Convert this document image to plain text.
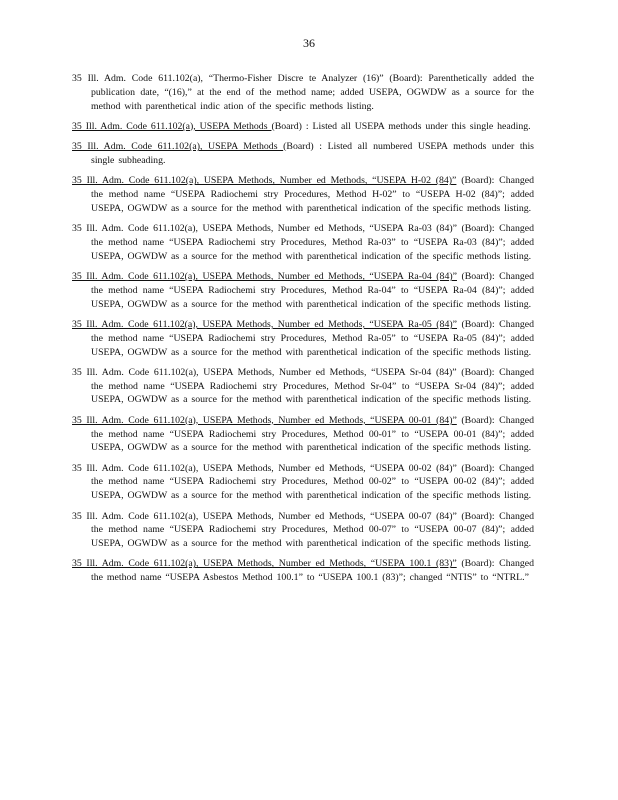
36

35 Ill. Adm. Code 611.102(a), “Thermo-Fisher Discre te Analyzer (16)” (Board): Parenthetically added the publication date, “(16),” at the end of the method name; added USEPA, OGWDW as a source for the method with parenthetical indic ation of the specific methods listing.

35 Ill. Adm. Code 611.102(a), USEPA Methods (Board) : Listed all USEPA methods under this single heading.

35 Ill. Adm. Code 611.102(a), USEPA Methods (Board) : Listed all numbered USEPA methods under this single subheading.

35 Ill. Adm. Code 611.102(a), USEPA Methods, Number ed Methods, “USEPA H-02 (84)” (Board): Changed the method name “USEPA Radiochemi stry Procedures, Method H-02” to “USEPA H-02 (84)”; added USEPA, OGWDW as a source for the method with parenthetical indication of the specific methods listing.

35 Ill. Adm. Code 611.102(a), USEPA Methods, Number ed Methods, “USEPA Ra-03 (84)” (Board): Changed the method name “USEPA Radiochemi stry Procedures, Method Ra-03” to “USEPA Ra-03 (84)”; added USEPA, OGWDW as a source for the method with parenthetical indication of the specific methods listing.

35 Ill. Adm. Code 611.102(a), USEPA Methods, Number ed Methods, “USEPA Ra-04 (84)” (Board): Changed the method name “USEPA Radiochemi stry Procedures, Method Ra-04” to “USEPA Ra-04 (84)”; added USEPA, OGWDW as a source for the method with parenthetical indication of the specific methods listing.

35 Ill. Adm. Code 611.102(a), USEPA Methods, Number ed Methods, “USEPA Ra-05 (84)” (Board): Changed the method name “USEPA Radiochemi stry Procedures, Method Ra-05” to “USEPA Ra-05 (84)”; added USEPA, OGWDW as a source for the method with parenthetical indication of the specific methods listing.

35 Ill. Adm. Code 611.102(a), USEPA Methods, Number ed Methods, “USEPA Sr-04 (84)” (Board): Changed the method name “USEPA Radiochemi stry Procedures, Method Sr-04” to “USEPA Sr-04 (84)”; added USEPA, OGWDW as a source for the method with parenthetical indication of the specific methods listing.

35 Ill. Adm. Code 611.102(a), USEPA Methods, Number ed Methods, “USEPA 00-01 (84)” (Board): Changed the method name “USEPA Radiochemi stry Procedures, Method 00-01” to “USEPA 00-01 (84)”; added USEPA, OGWDW as a source for the method with parenthetical indication of the specific methods listing.

35 Ill. Adm. Code 611.102(a), USEPA Methods, Number ed Methods, “USEPA 00-02 (84)” (Board): Changed the method name “USEPA Radiochemi stry Procedures, Method 00-02” to “USEPA 00-02 (84)”; added USEPA, OGWDW as a source for the method with parenthetical indication of the specific methods listing.

35 Ill. Adm. Code 611.102(a), USEPA Methods, Number ed Methods, “USEPA 00-07 (84)” (Board): Changed the method name “USEPA Radiochemi stry Procedures, Method 00-07” to “USEPA 00-07 (84)”; added USEPA, OGWDW as a source for the method with parenthetical indication of the specific methods listing.

35 Ill. Adm. Code 611.102(a), USEPA Methods, Number ed Methods, “USEPA 100.1 (83)” (Board): Changed the method name “USEPA Asbestos Method 100.1” to “USEPA 100.1 (83)”; changed “NTIS” to “NTRL.”
